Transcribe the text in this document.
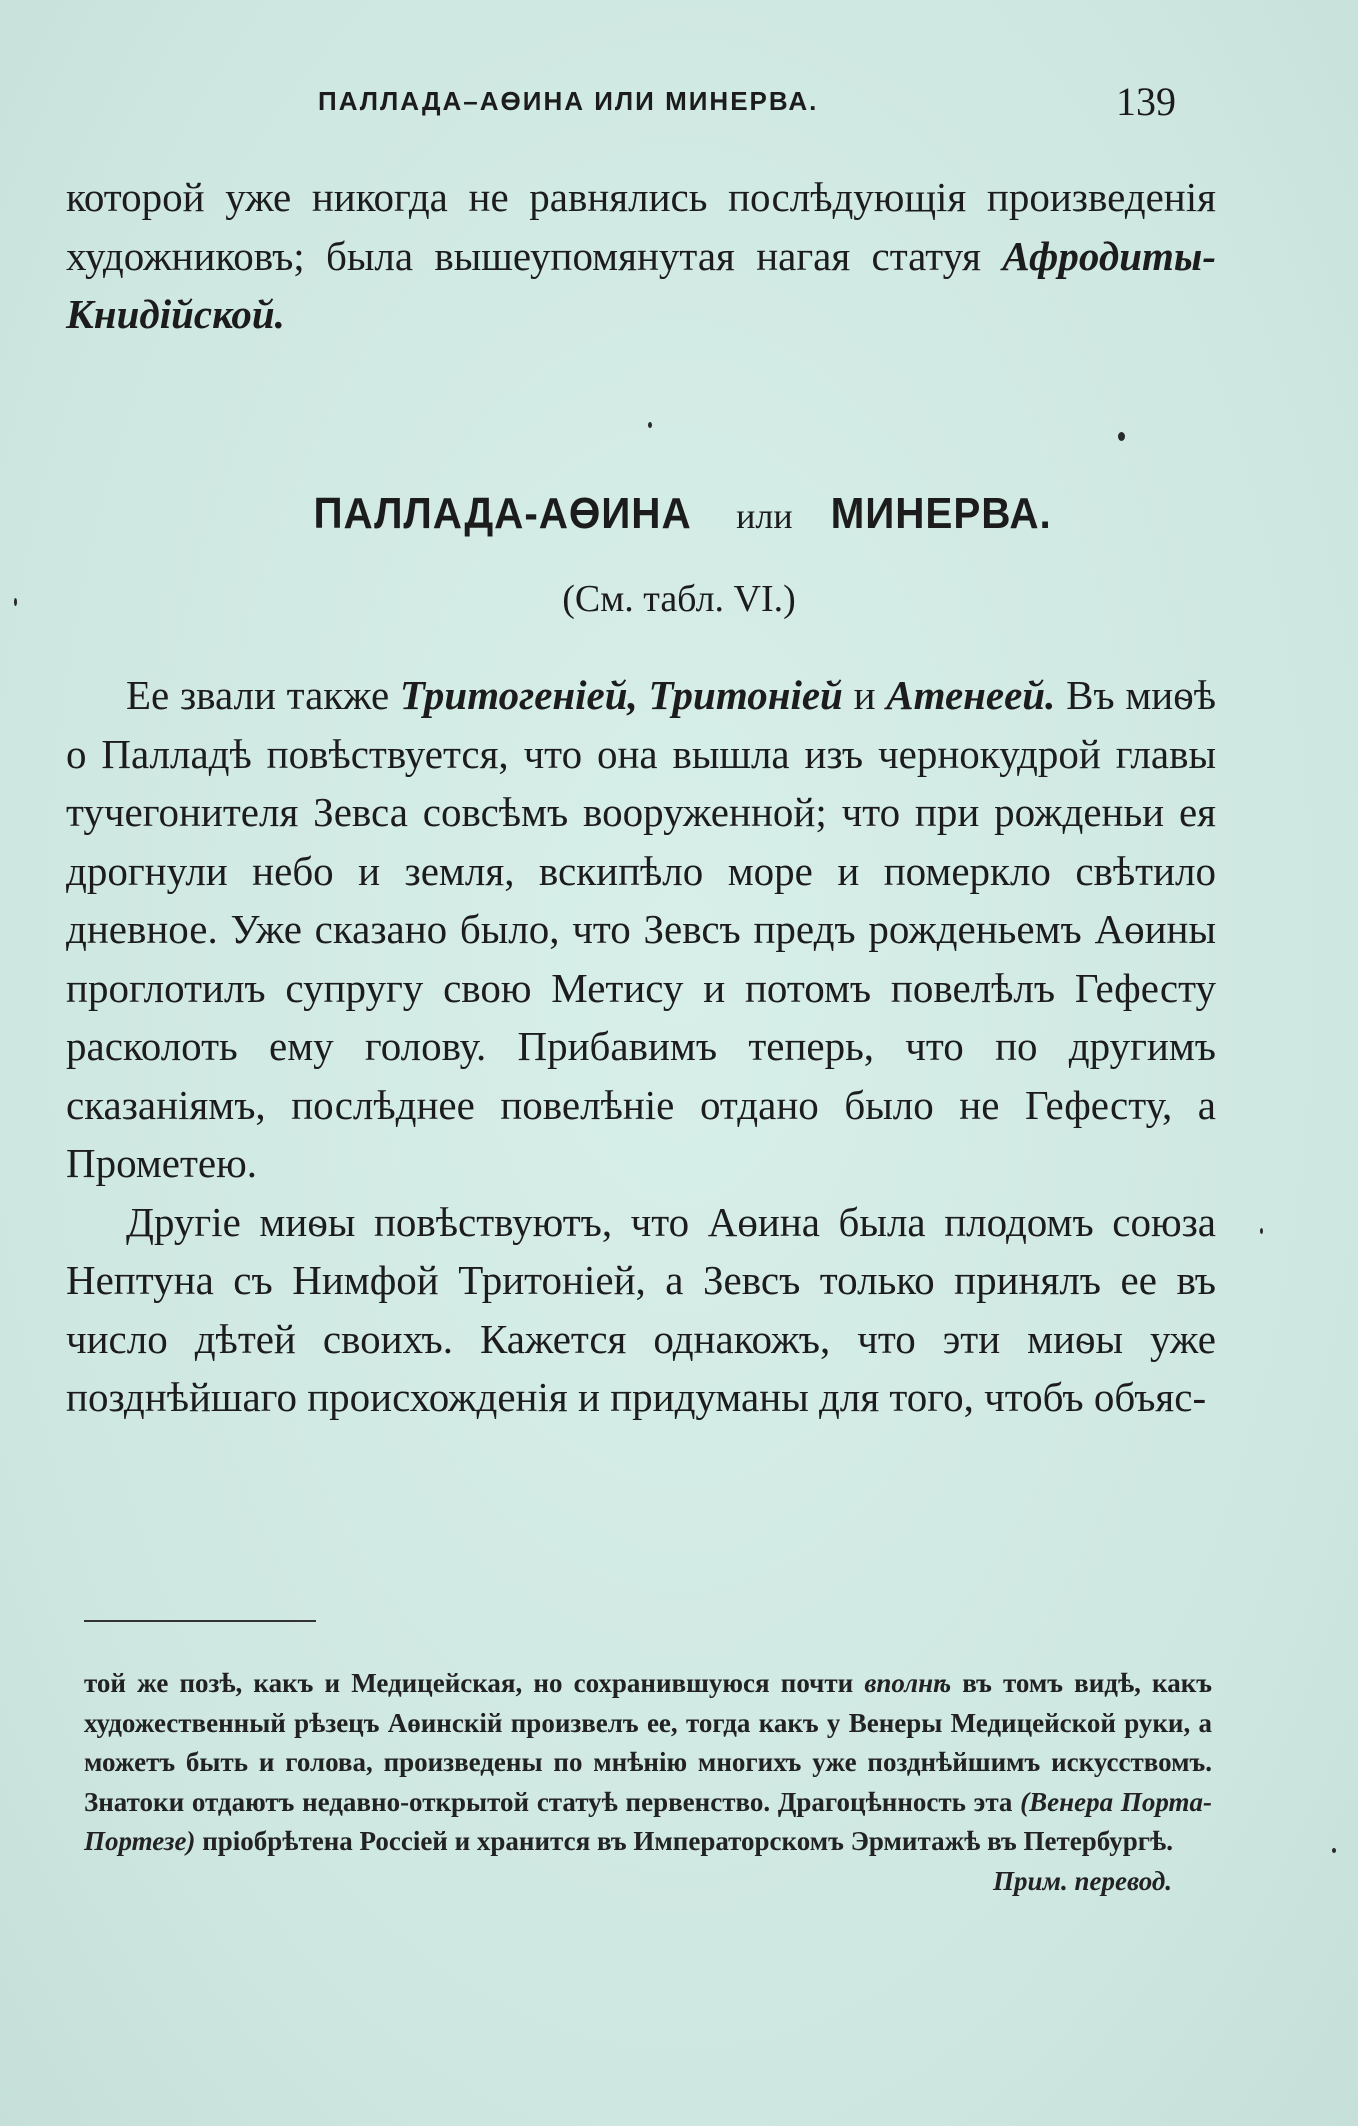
ПАЛЛАДА–АӨИНА ИЛИ МИНЕРВА.	139

которой уже никогда не равнялись послѣдующія произведенія художниковъ; была вышеупомянутая нагая статуя Афродиты-Книдійской.

ПАЛЛАДА-АӨИНА или МИНЕРВА.
(См. табл. VI.)

Ее звали также Тритогеніей, Тритоніей и Атенеей. Въ миѳѣ о Палладѣ повѣствуется, что она вышла изъ чернокудрой главы тучегонителя Зевса совсѣмъ вооруженной; что при рожденьи ея дрогнули небо и земля, вскипѣло море и померкло свѣтило дневное. Уже сказано было, что Зевсъ предъ рожденьемъ Аөины проглотилъ супругу свою Метису и потомъ повелѣлъ Гефесту расколоть ему голову. Прибавимъ теперь, что по другимъ сказаніямъ, послѣднее повелѣніе отдано было не Гефесту, а Прометею.

Другіе миѳы повѣствуютъ, что Аөина была плодомъ союза Нептуна съ Нимфой Тритоніей, а Зевсъ только принялъ ее въ число дѣтей своихъ. Кажется однакожъ, что эти миѳы уже позднѣйшаго происхожденія и придуманы для того, чтобъ объяс-

той же позѣ, какъ и Медицейская, но сохранившуюся почти вполнѣ въ томъ видѣ, какъ художественный рѣзецъ Аөинскій произвелъ ее, тогда какъ у Венеры Медицейской руки, а можетъ быть и голова, произведены по мнѣнію многихъ уже позднѣйшимъ искусствомъ. Знатоки отдаютъ недавно-открытой статуѣ первенство. Драгоцѣнность эта (Венера Порта-Портезе) пріобрѣтена Россіей и хранится въ Императорскомъ Эрмитажѣ въ Петербургѣ.
Прим. перевод.
